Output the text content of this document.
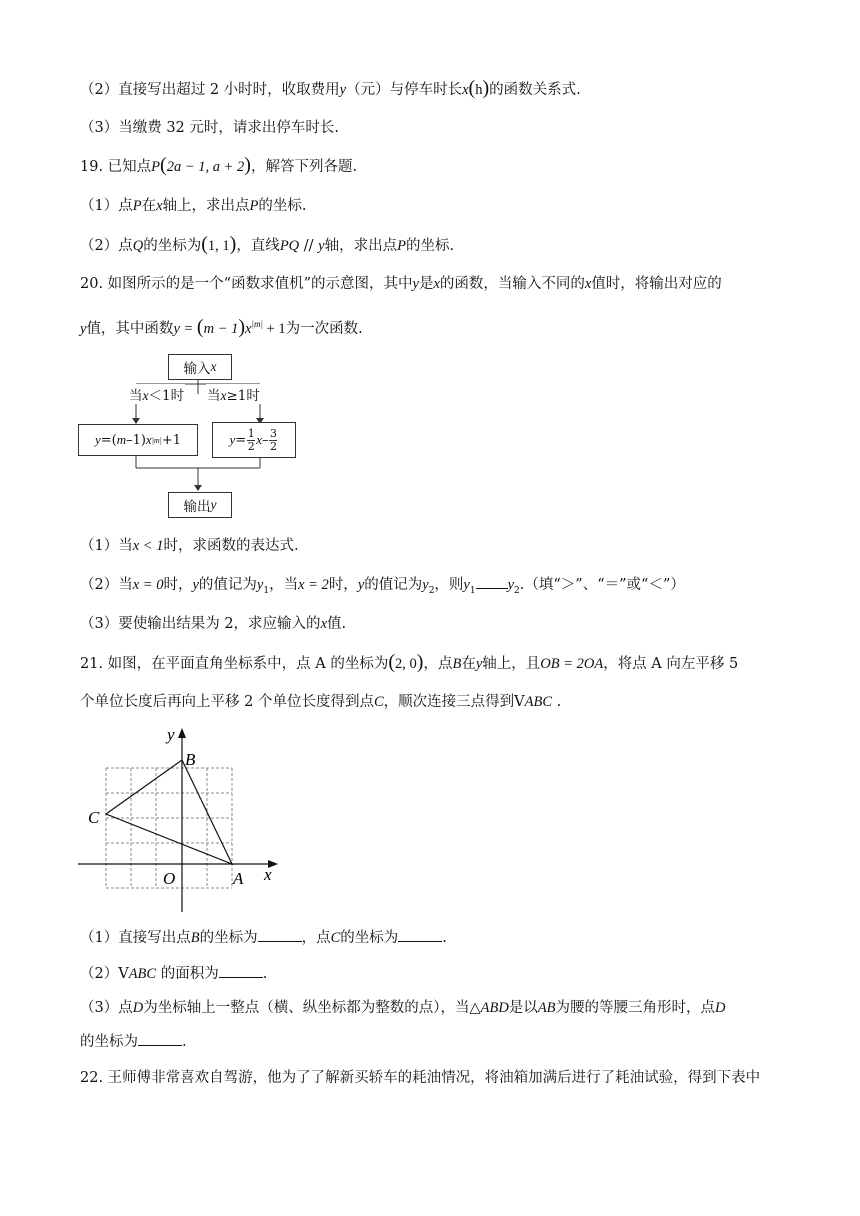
（2）直接写出超过 2 小时时，收取费用y（元）与停车时长x(h)的函数关系式.
（3）当缴费 32 元时，请求出停车时长.
19. 已知点P(2a − 1, a + 2)，解答下列各题.
（1）点P在x轴上，求出点P的坐标.
（2）点Q的坐标为(1, 1)，直线PQ // y轴，求出点P的坐标.
20. 如图所示的是一个“函数求值机”的示意图，其中y是x的函数，当输入不同的x值时，将输出对应的
y值，其中函数$y = (m - 1)x^{|m|} + 1$为一次函数.
输入 x
当x＜1时 当x≥1时
y =( m –1) x |m| +1	y = 1
2 x – 3
2
输出 y
（1）当x < 1时，求函数的表达式.
（2）当x = 0时，y的值记为$y_1$，当x = 2时，y的值记为$y_2$，则$y_1$ $y_2$.（填“＞”、“＝”或“＜”）
（3）要使输出结果为 2，求应输入的x值.
21. 如图，在平面直角坐标系中，点 A 的坐标为(2, 0)，点B在y轴上，且OB = 2OA，将点 A 向左平移 5
个单位长度后再向上平移 2 个单位长度得到点C，顺次连接三点得到VABC .
y
x
B
C
O	A
（1）直接写出点B的坐标为	，点C的坐标为	.
（2）VABC 的面积为	.
（3）点D为坐标轴上一整点（横、纵坐标都为整数的点），当△ABD是以AB为腰的等腰三角形时，点D
的坐标为	.
22. 王师傅非常喜欢自驾游，他为了了解新买轿车的耗油情况，将油箱加满后进行了耗油试验，得到下表中
